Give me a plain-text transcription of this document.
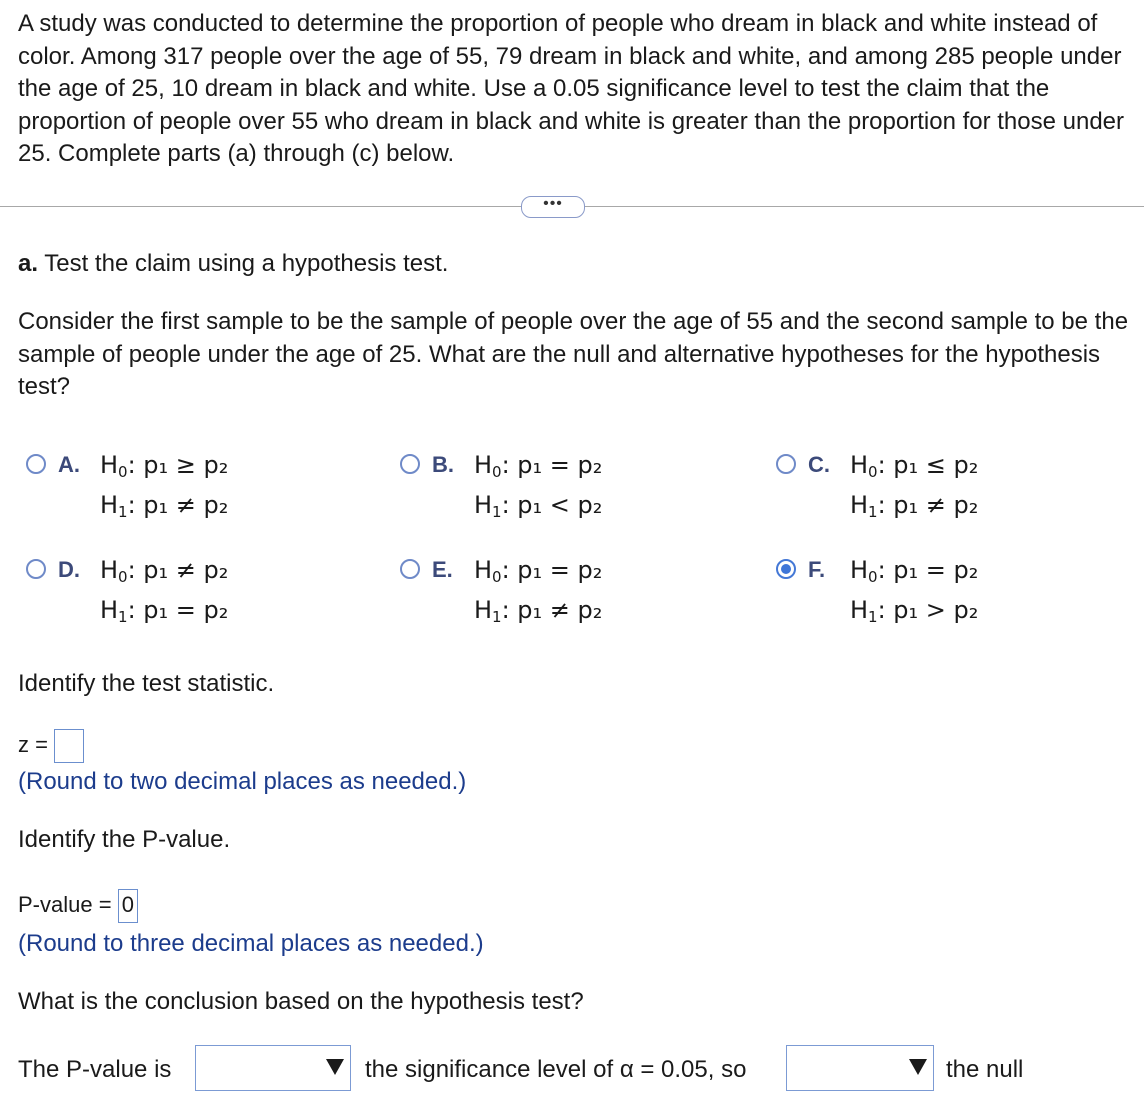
A study was conducted to determine the proportion of people who dream in black and white instead of color. Among 317 people over the age of 55, 79 dream in black and white, and among 285 people under the age of 25, 10 dream in black and white. Use a 0.05 significance level to test the claim that the proportion of people over 55 who dream in black and white is greater than the proportion for those under 25. Complete parts (a) through (c) below.
•••
a. Test the claim using a hypothesis test.
Consider the first sample to be the sample of people over the age of 55 and the second sample to be the sample of people under the age of 25. What are the null and alternative hypotheses for the hypothesis test?
A. $H_0$: p₁ ≥ p₂
$H_1$: p₁ ≠ p₂
B. $H_0$: p₁ = p₂
$H_1$: p₁ < p₂
C. $H_0$: p₁ ≤ p₂
$H_1$: p₁ ≠ p₂
D. $H_0$: p₁ ≠ p₂
$H_1$: p₁ = p₂
E. $H_0$: p₁ = p₂
$H_1$: p₁ ≠ p₂
F. $H_0$: p₁ = p₂
$H_1$: p₁ > p₂
Identify the test statistic.
z =
(Round to two decimal places as needed.)
Identify the P-value.
P-value = 0
(Round to three decimal places as needed.)
What is the conclusion based on the hypothesis test?
The P-value is	the significance level of α = 0.05, so	the null
